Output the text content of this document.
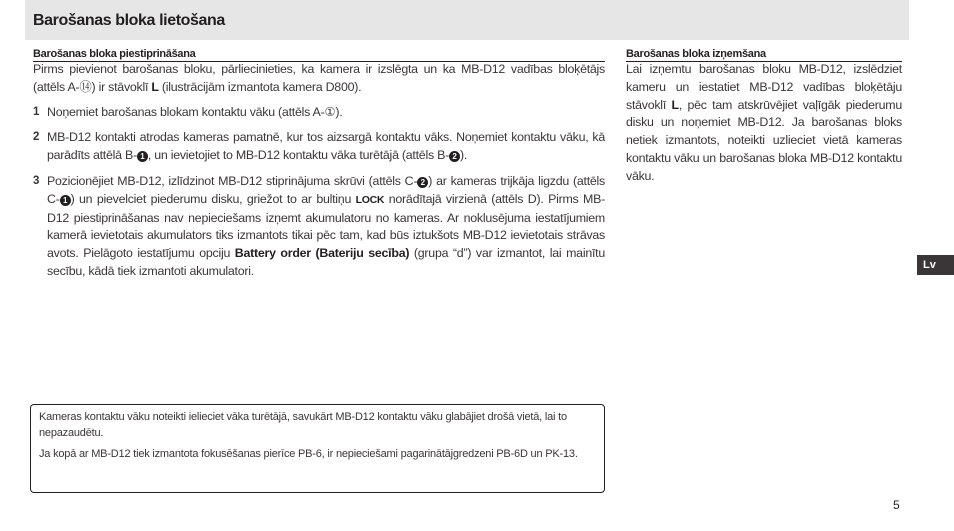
Barošanas bloka lietošana
Barošanas bloka piestiprināšana

Pirms pievienot barošanas bloku, pārliecinieties, ka kamera ir izslēgta un ka MB-D12 vadības bloķētājs (attēls A-⑭) ir stāvoklī L (ilustrācijām izmantota kamera D800).

1 Noņemiet barošanas blokam kontaktu vāku (attēls A-①).
2 MB-D12 kontakti atrodas kameras pamatnē, kur tos aizsargā kontaktu vāks. Noņemiet kontaktu vāku, kā parādīts attēlā B- 1 , un ievietojiet to MB-D12 kontaktu vāka turētājā (attēls B- 2 ).
3 Pozicionējiet MB-D12, izlīdzinot MB-D12 stiprinājuma skrūvi (attēls C- 2 ) ar kameras trijkāja ligzdu (attēls C- 1 ) un pievelciet piederumu disku, griežot to ar bultiņu LOCK norādītajā virzienā (attēls D). Pirms MB-D12 piestiprināšanas nav nepieciešams izņemt akumulatoru no kameras. Ar noklusējuma iestatījumiem kamerā ievietotais akumulators tiks izmantots tikai pēc tam, kad būs iztukšots MB-D12 ievietotais strāvas avots. Pielāgoto iestatījumu opciju Battery order (Bateriju secība) (grupa “d”) var izmantot, lai mainītu secību, kādā tiek izmantoti akumulatori.
Barošanas bloka izņemšana

Lai izņemtu barošanas bloku MB-D12, izslēdziet kameru un iestatiet MB-D12 vadības bloķētāju stāvoklī L, pēc tam atskrūvējiet vaļīgāk piederumu disku un noņemiet MB-D12. Ja barošanas bloks netiek izmantots, noteikti uzlieciet vietā kameras kontaktu vāku un barošanas bloka MB-D12 kontaktu vāku.

Kameras kontaktu vāku noteikti ielieciet vāka turētājā, savukārt MB-D12 kontaktu vāku glabājiet drošā vietā, lai to nepazaudētu.

Ja kopā ar MB-D12 tiek izmantota fokusēšanas pierīce PB-6, ir nepieciešami pagarinātājgredzeni PB-6D un PK-13.

Lv
5
